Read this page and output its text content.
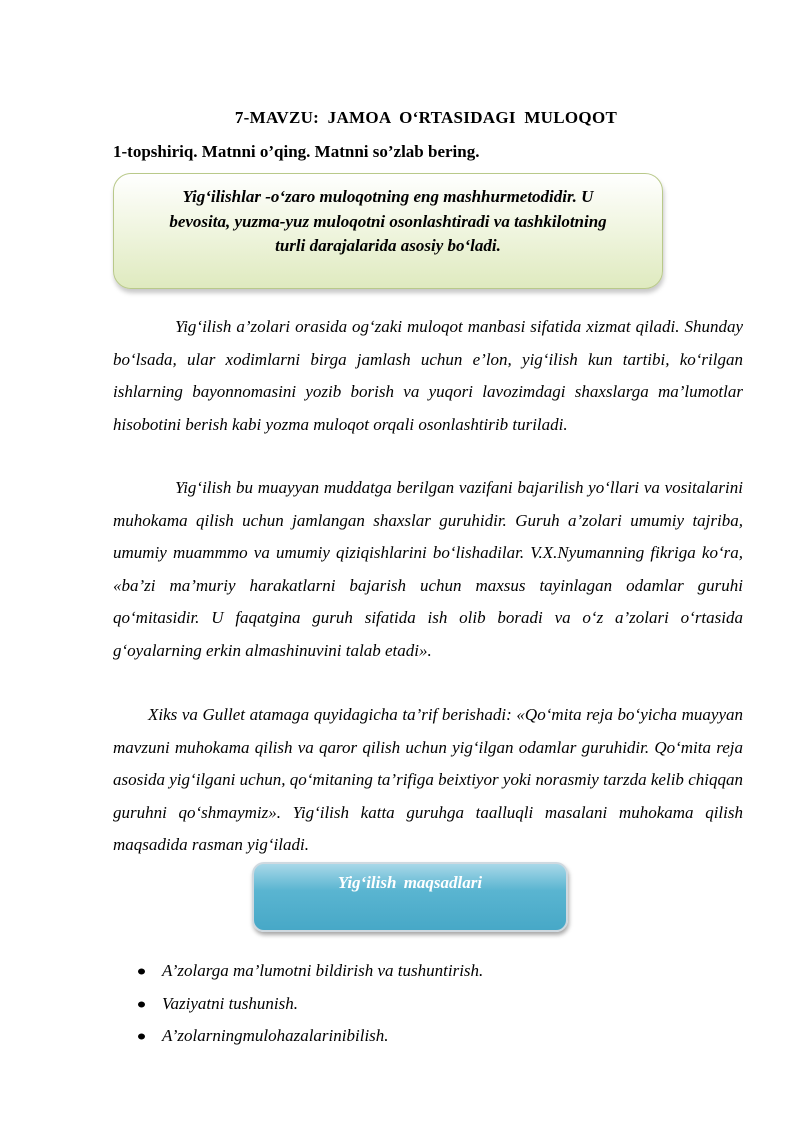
7-MAVZU: JAMOA O‘RTASIDAGI MULOQOT
1-topshiriq. Matnni o’qing. Matnni so’zlab bering.
Yig‘ilishlar -o‘zaro muloqotning eng mashhurmetodidir. U
bevosita, yuzma-yuz muloqotni osonlashtiradi va tashkilotning
turli darajalarida asosiy bo‘ladi.

Yig‘ilish a’zolari orasida og‘zaki muloqot manbasi sifatida xizmat qiladi. Shunday bo‘lsada, ular xodimlarni birga jamlash uchun e’lon, yig‘ilish kun tartibi, ko‘rilgan ishlarning bayonnomasini yozib borish va yuqori lavozimdagi shaxslarga ma’lumotlar hisobotini berish kabi yozma muloqot orqali osonlashtirib turiladi.

Yig‘ilish bu muayyan muddatga berilgan vazifani bajarilish yo‘llari va vositalarini muhokama qilish uchun jamlangan shaxslar guruhidir. Guruh a’zolari umumiy tajriba, umumiy muammmo va umumiy qiziqishlarini bo‘lishadilar. V.X.Nyumanning fikriga ko‘ra, «ba’zi ma’muriy harakatlarni bajarish uchun maxsus tayinlagan odamlar guruhi qo‘mitasidir. U faqatgina guruh sifatida ish olib boradi va o‘z a’zolari o‘rtasida g‘oyalarning erkin almashinuvini talab etadi».

Xiks va Gullet atamaga quyidagicha ta’rif berishadi: «Qo‘mita reja bo‘yicha muayyan mavzuni muhokama qilish va qaror qilish uchun yig‘ilgan odamlar guruhidir. Qo‘mita reja asosida yig‘ilgani uchun, qo‘mitaning ta’rifiga beixtiyor yoki norasmiy tarzda kelib chiqqan guruhni qo‘shmaymiz». Yig‘ilish katta guruhga taalluqli masalani muhokama qilish maqsadida rasman yig‘iladi.

Yig‘ilish maqsadlari
A’zolarga ma’lumotni bildirish va tushuntirish.
Vaziyatni tushunish.
A’zolarningmulohazalarinibilish.
